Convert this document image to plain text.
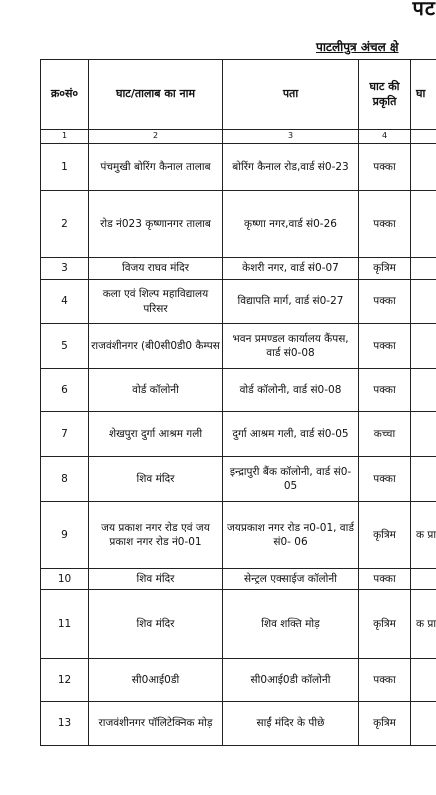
पट
पाटलीपुत्र अंचल क्षे
क्र०सं०	घाट/तालाब का नाम	पता	घाट की प्रकृति	घा
1	2	3	4	
1	पंचमुखी बोरिंग कैनाल तालाब	बोरिंग कैनाल रोड,वार्ड सं0-23	पक्का	
2	रोड नं023 कृष्णानगर तालाब	कृष्णा नगर,वार्ड सं0-26	पक्का	
3	विजय राघव मंदिर	केशरी नगर, वार्ड सं0-07	कृत्रिम	
4	कला एवं शिल्प महाविद्यालय परिसर	विद्यापति मार्ग, वार्ड सं0-27	पक्का	
5	राजवंशीनगर (बी0सी0डी0 कैम्पस	भवन प्रमण्डल कार्यालय कैंपस, वार्ड सं0-08	पक्का	
6	वोर्ड कॉलोनी	वोर्ड कॉलोनी, वार्ड सं0-08	पक्का	
7	शेखपुरा दुर्गा आश्रम गली	दुर्गा आश्रम गली, वार्ड सं0-05	कच्चा	
8	शिव मंदिर	इन्द्रापुरी बैंक कॉलोनी, वार्ड सं0- 05	पक्का	
9	जय प्रकाश नगर रोड एवं जय प्रकाश नगर रोड नं0-01	जयप्रकाश नगर रोड न0-01, वार्ड सं0- 06	कृत्रिम	क प्रा
10	शिव मंदिर	सेन्ट्रल एक्साईज कॉलोनी	पक्का	
11	शिव मंदिर	शिव शक्ति मोड़	कृत्रिम	क प्रा
12	सी0आई0डी	सी0आई0डी कॉलोनी	पक्का	
13	राजवंशीनगर पॉलिटेक्निक मोड़	साईं मंदिर के पीछे	कृत्रिम	
